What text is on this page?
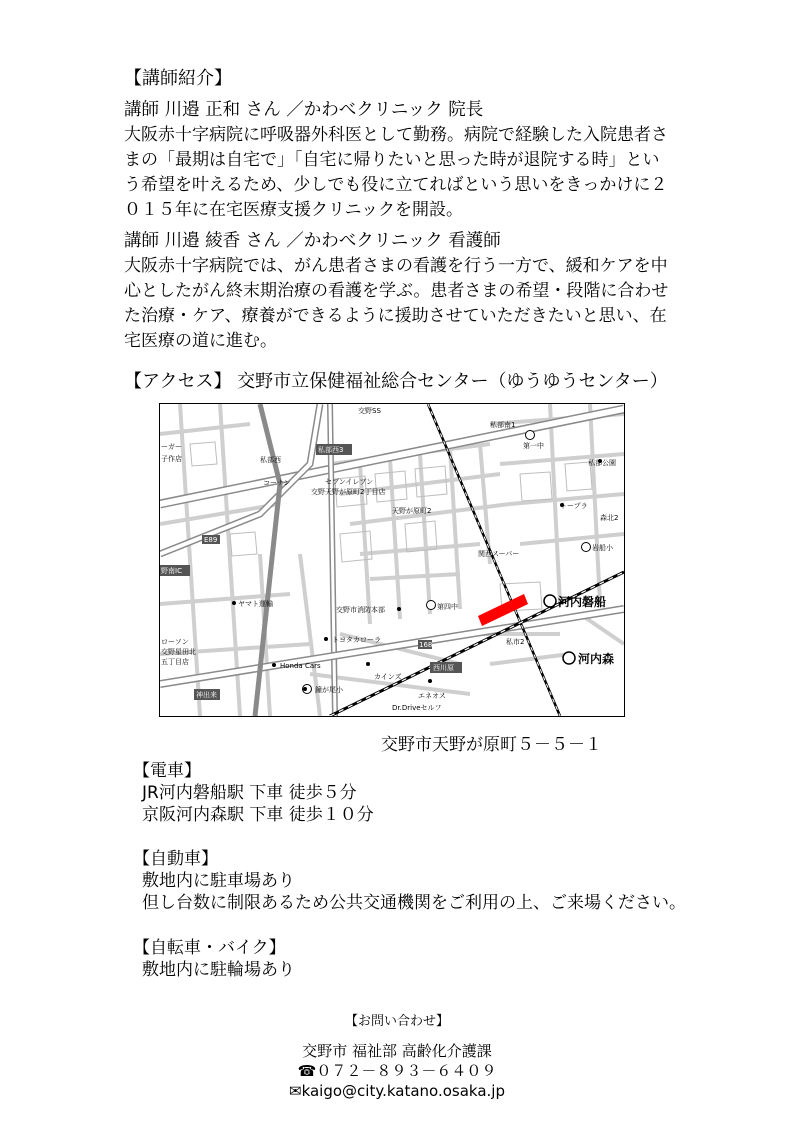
【講師紹介】
講師 川邉 正和 さん ／かわべクリニック 院長
大阪赤十字病院に呼吸器外科医として勤務。病院で経験した入院患者さまの「最期は自宅で」「自宅に帰りたいと思った時が退院する時」という希望を叶えるため、少しでも役に立てればという思いをきっかけに２０１５年に在宅医療支援クリニックを開設。
講師 川邉 綾香 さん ／かわべクリニック 看護師
大阪赤十字病院では、がん患者さまの看護を行う一方で、緩和ケアを中心としたがん終末期治療の看護を学ぶ。患者さまの希望・段階に合わせた治療・ケア、療養ができるように援助させていただきたいと思い、在宅医療の道に進む。
【アクセス】 交野市立保健福祉総合センター（ゆうゆうセンター）
交野SS
私部南1
私部西3	第一中
私部公園
ーガー
子作店	私部西
コーナン	セブンイレブン
交野天野が原町2丁目店
天野が原町2
トープラ
森北2
E89
岩船小
関西スーパー
野南IC
河内磐船
ヤマト運輸
交野市消防本部	第四中
トヨタカローラ
168	私市2
河内森
西川原
ローソン
交野星田北
五丁目店	Honda Cars
カインズ
神出来
鐘が尾小
エネオス
Dr.Driveセルフ
交野市天野が原町５－５－１
【電車】
JR河内磐船駅 下車 徒歩５分
京阪河内森駅 下車 徒歩１０分
【自動車】
敷地内に駐車場あり
但し台数に制限あるため公共交通機関をご利用の上、ご来場ください。
【自転車・バイク】
敷地内に駐輪場あり
【お問い合わせ】
交野市 福祉部 高齢化介護課
☎０７２－８９３－６４０９
✉kaigo@city.katano.osaka.jp
